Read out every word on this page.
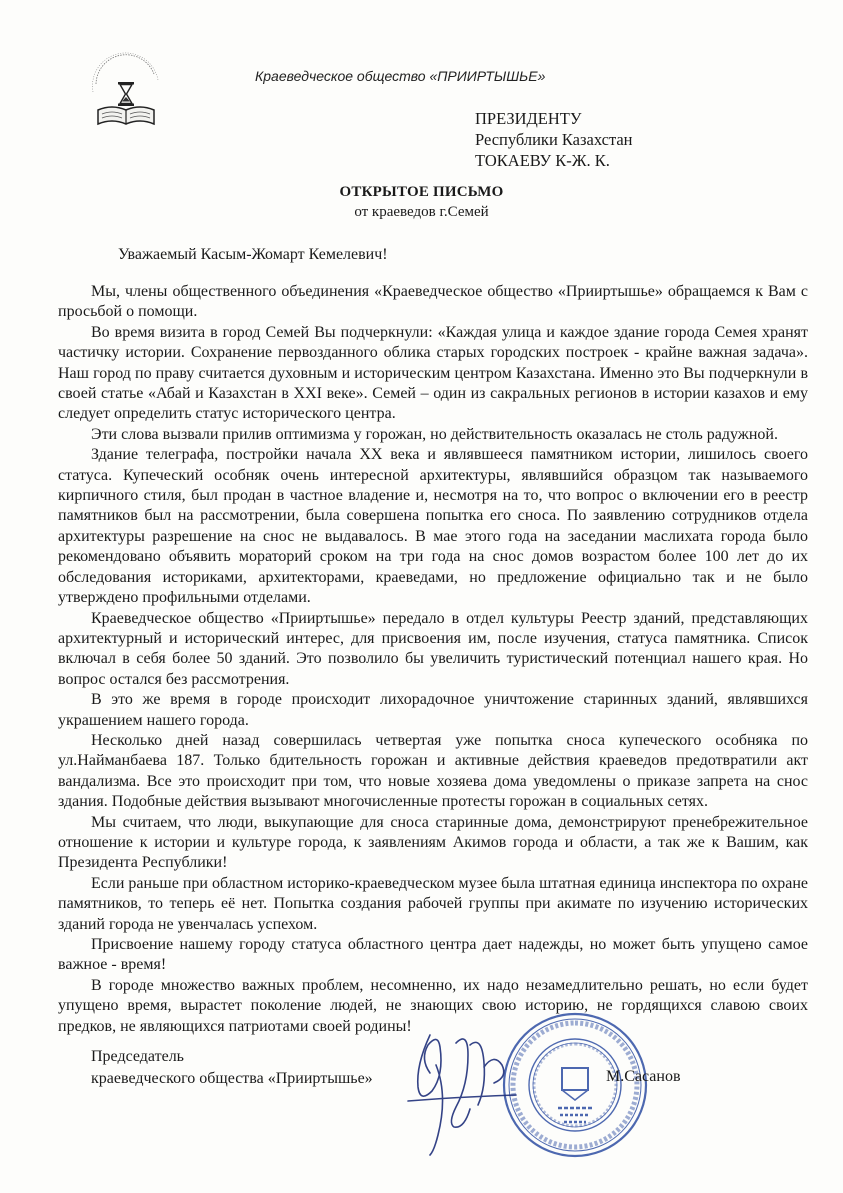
Краеведческое общество «ПРИИРТЫШЬЕ»
ПРЕЗИДЕНТУ
Республики Казахстан
ТОКАЕВУ К-Ж. К.
ОТКРЫТОЕ ПИСЬМО
от краеведов г.Семей
Уважаемый Касым-Жомарт Кемелевич!

Мы, члены общественного объединения «Краеведческое общество «Прииртышье» обращаемся к Вам с просьбой о помощи.

Во время визита в город Семей Вы подчеркнули: «Каждая улица и каждое здание города Семея хранят частичку истории. Сохранение первозданного облика старых городских построек - крайне важная задача». Наш город по праву считается духовным и историческим центром Казахстана. Именно это Вы подчеркнули в своей статье «Абай и Казахстан в XXI веке». Семей – один из сакральных регионов в истории казахов и ему следует определить статус исторического центра.

Эти слова вызвали прилив оптимизма у горожан, но действительность оказалась не столь радужной.

Здание телеграфа, постройки начала XX века и являвшееся памятником истории, лишилось своего статуса. Купеческий особняк очень интересной архитектуры, являвшийся образцом так называемого кирпичного стиля, был продан в частное владение и, несмотря на то, что вопрос о включении его в реестр памятников был на рассмотрении, была совершена попытка его сноса. По заявлению сотрудников отдела архитектуры разрешение на снос не выдавалось. В мае этого года на заседании маслихата города было рекомендовано объявить мораторий сроком на три года на снос домов возрастом более 100 лет до их обследования историками, архитекторами, краеведами, но предложение официально так и не было утверждено профильными отделами.

Краеведческое общество «Прииртышье» передало в отдел культуры Реестр зданий, представляющих архитектурный и исторический интерес, для присвоения им, после изучения, статуса памятника. Список включал в себя более 50 зданий. Это позволило бы увеличить туристический потенциал нашего края. Но вопрос остался без рассмотрения.

В это же время в городе происходит лихорадочное уничтожение старинных зданий, являвшихся украшением нашего города.

Несколько дней назад совершилась четвертая уже попытка сноса купеческого особняка по ул.Найманбаева 187. Только бдительность горожан и активные действия краеведов предотвратили акт вандализма. Все это происходит при том, что новые хозяева дома уведомлены о приказе запрета на снос здания. Подобные действия вызывают многочисленные протесты горожан в социальных сетях.

Мы считаем, что люди, выкупающие для сноса старинные дома, демонстрируют пренебрежительное отношение к истории и культуре города, к заявлениям Акимов города и области, а так же к Вашим, как Президента Республики!

Если раньше при областном историко-краеведческом музее была штатная единица инспектора по охране памятников, то теперь её нет. Попытка создания рабочей группы при акимате по изучению исторических зданий города не увенчалась успехом.

Присвоение нашему городу статуса областного центра дает надежды, но может быть упущено самое важное - время!

В городе множество важных проблем, несомненно, их надо незамедлительно решать, но если будет упущено время, вырастет поколение людей, не знающих свою историю, не гордящихся славою своих предков, не являющихся патриотами своей родины!

Председатель
краеведческого общества «Прииртышье»	М.Сасанов
